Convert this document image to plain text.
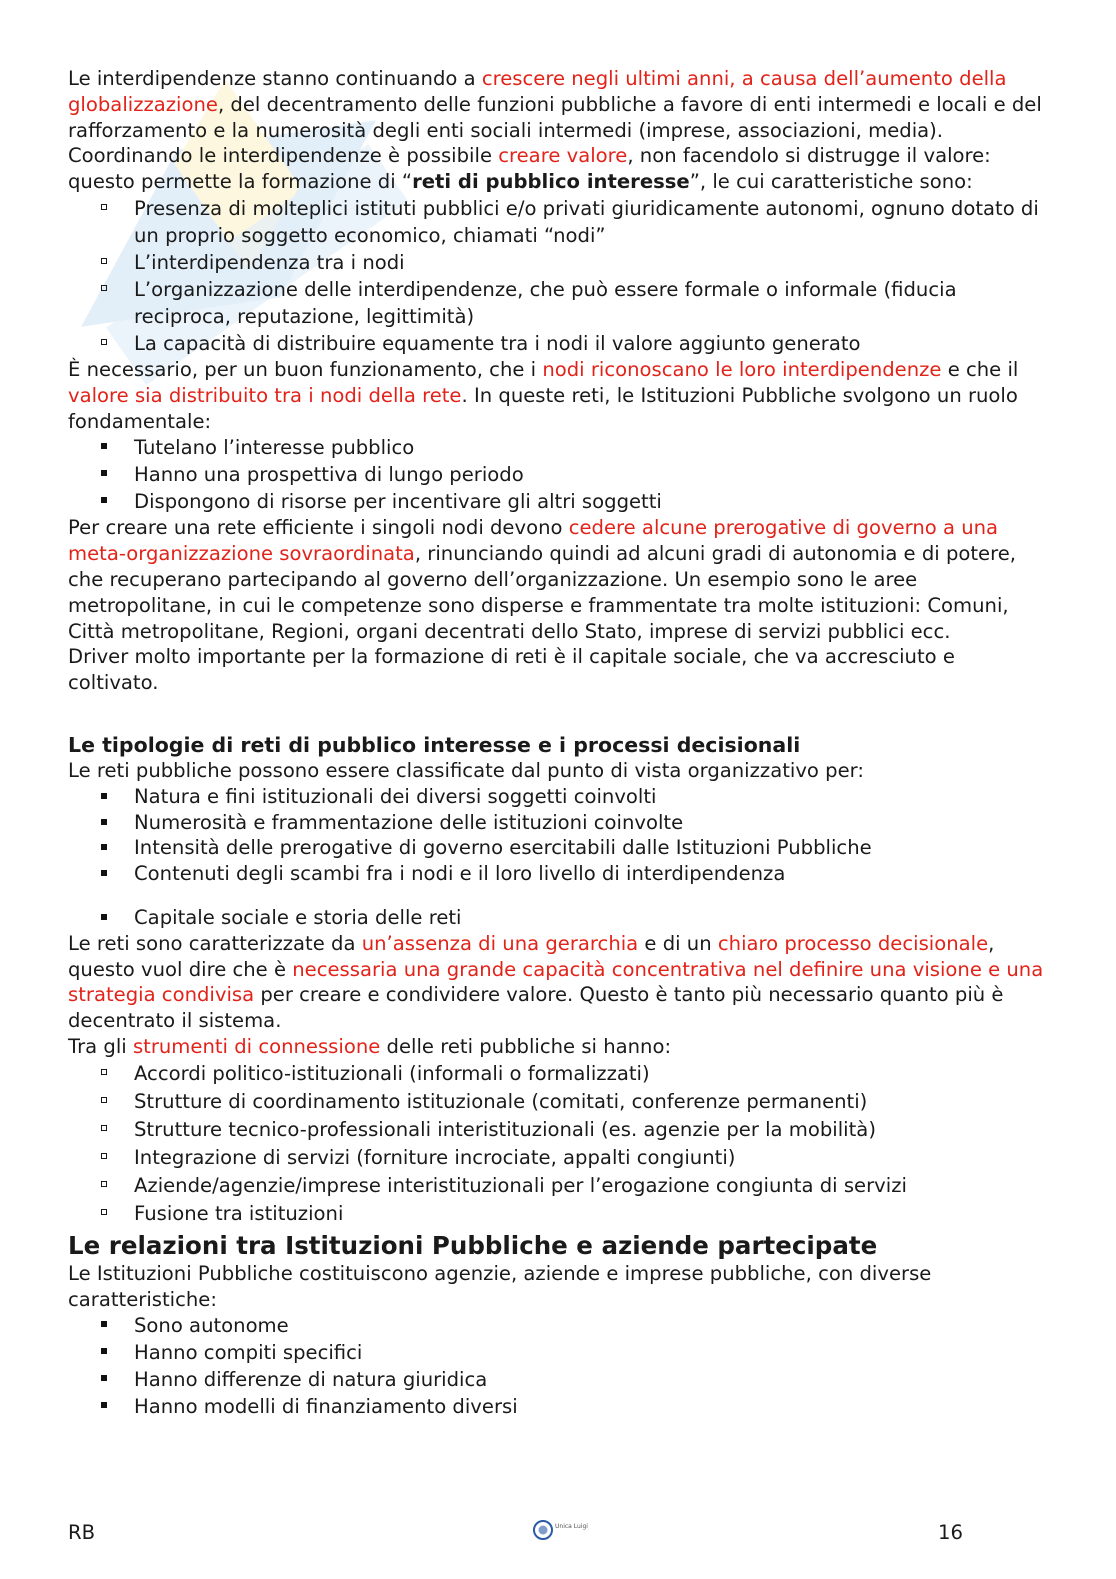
Le interdipendenze stanno continuando a crescere negli ultimi anni, a causa dell’aumento della globalizzazione, del decentramento delle funzioni pubbliche a favore di enti intermedi e locali e del rafforzamento e la numerosità degli enti sociali intermedi (imprese, associazioni, media).

Coordinando le interdipendenze è possibile creare valore, non facendolo si distrugge il valore: questo permette la formazione di “reti di pubblico interesse”, le cui caratteristiche sono:

Presenza di molteplici istituti pubblici e/o privati giuridicamente autonomi, ognuno dotato di un proprio soggetto economico, chiamati “nodi”
L’interdipendenza tra i nodi
L’organizzazione delle interdipendenze, che può essere formale o informale (fiducia reciproca, reputazione, legittimità)
La capacità di distribuire equamente tra i nodi il valore aggiunto generato

È necessario, per un buon funzionamento, che i nodi riconoscano le loro interdipendenze e che il valore sia distribuito tra i nodi della rete. In queste reti, le Istituzioni Pubbliche svolgono un ruolo fondamentale:

Tutelano l’interesse pubblico
Hanno una prospettiva di lungo periodo
Dispongono di risorse per incentivare gli altri soggetti

Per creare una rete efficiente i singoli nodi devono cedere alcune prerogative di governo a una meta-organizzazione sovraordinata, rinunciando quindi ad alcuni gradi di autonomia e di potere, che recuperano partecipando al governo dell’organizzazione. Un esempio sono le aree metropolitane, in cui le competenze sono disperse e frammentate tra molte istituzioni: Comuni, Città metropolitane, Regioni, organi decentrati dello Stato, imprese di servizi pubblici ecc.

Driver molto importante per la formazione di reti è il capitale sociale, che va accresciuto e coltivato.

Le tipologie di reti di pubblico interesse e i processi decisionali

Le reti pubbliche possono essere classificate dal punto di vista organizzativo per:

Natura e fini istituzionali dei diversi soggetti coinvolti
Numerosità e frammentazione delle istituzioni coinvolte
Intensità delle prerogative di governo esercitabili dalle Istituzioni Pubbliche
Contenuti degli scambi fra i nodi e il loro livello di interdipendenza
Capitale sociale e storia delle reti

Le reti sono caratterizzate da un’assenza di una gerarchia e di un chiaro processo decisionale, questo vuol dire che è necessaria una grande capacità concentrativa nel definire una visione e una strategia condivisa per creare e condividere valore. Questo è tanto più necessario quanto più è decentrato il sistema.

Tra gli strumenti di connessione delle reti pubbliche si hanno:

Accordi politico-istituzionali (informali o formalizzati)
Strutture di coordinamento istituzionale (comitati, conferenze permanenti)
Strutture tecnico-professionali interistituzionali (es. agenzie per la mobilità)
Integrazione di servizi (forniture incrociate, appalti congiunti)
Aziende/agenzie/imprese interistituzionali per l’erogazione congiunta di servizi
Fusione tra istituzioni
Le relazioni tra Istituzioni Pubbliche e aziende partecipate

Le Istituzioni Pubbliche costituiscono agenzie, aziende e imprese pubbliche, con diverse caratteristiche:

Sono autonome
Hanno compiti specifici
Hanno differenze di natura giuridica
Hanno modelli di finanziamento diversi
RB	Unica Luigi	16
